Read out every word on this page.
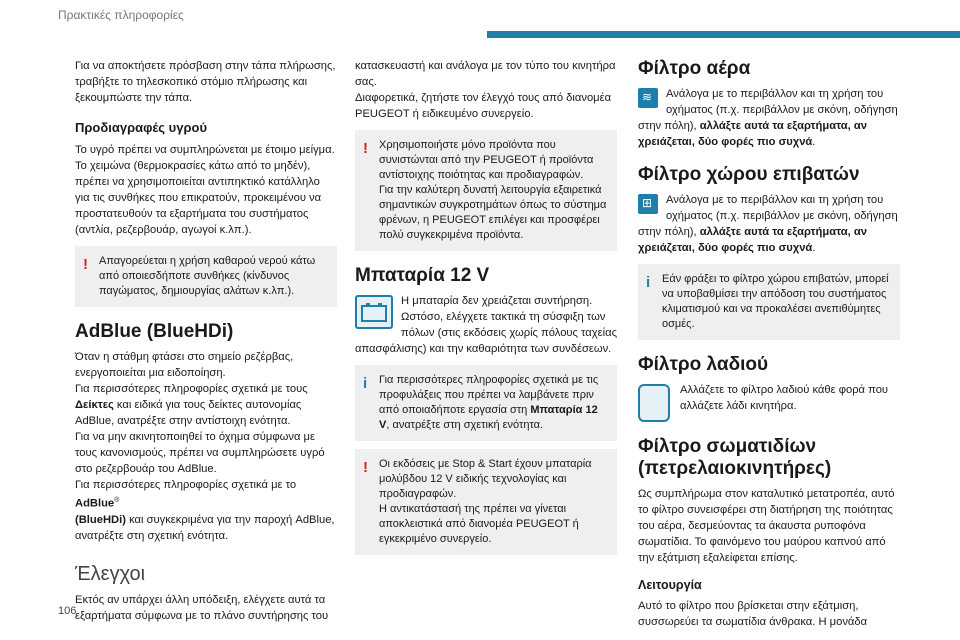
Πρακτικές πληροφορίες

Για να αποκτήσετε πρόσβαση στην τάπα πλήρωσης, τραβήξτε το τηλεσκοπικό στόμιο πλήρωσης και ξεκουμπώστε την τάπα.

Προδιαγραφές υγρού

Το υγρό πρέπει να συμπληρώνεται με έτοιμο μείγμα. Το χειμώνα (θερμοκρασίες κάτω από το μηδέν), πρέπει να χρησιμοποιείται αντιπηκτικό κατάλληλο για τις συνθήκες που επικρατούν, προκειμένου να προστατευθούν τα εξαρτήματα του συστήματος (αντλία, ρεζερβουάρ, αγωγοί κ.λπ.).

! Απαγορεύεται η χρήση καθαρού νερού κάτω από οποιεσδήποτε συνθήκες (κίνδυνος παγώματος, δημιουργίας αλάτων κ.λπ.).

AdBlue (BlueHDi)

Όταν η στάθμη φτάσει στο σημείο ρεζέρβας, ενεργοποιείται μια ειδοποίηση.

Για περισσότερες πληροφορίες σχετικά με τους Δείκτες και ειδικά για τους δείκτες αυτονομίας AdBlue, ανατρέξτε στην αντίστοιχη ενότητα.

Για να μην ακινητοποιηθεί το όχημα σύμφωνα με τους κανονισμούς, πρέπει να συμπληρώσετε υγρό στο ρεζερβουάρ του AdBlue.

Για περισσότερες πληροφορίες σχετικά με το AdBlue®
(BlueHDi) και συγκεκριμένα για την παροχή AdBlue, ανατρέξτε στη σχετική ενότητα.

Έλεγχοι

Εκτός αν υπάρχει άλλη υπόδειξη, ελέγχετε αυτά τα εξαρτήματα σύμφωνα με το πλάνο συντήρησης του

κατασκευαστή και ανάλογα με τον τύπο του κινητήρα σας.

Διαφορετικά, ζητήστε τον έλεγχό τους από διανομέα PEUGEOT ή ειδικευμένο συνεργείο.

! Χρησιμοποιήστε μόνο προϊόντα που συνιστώνται από την PEUGEOT ή προϊόντα αντίστοιχης ποιότητας και προδιαγραφών.

Για την καλύτερη δυνατή λειτουργία εξαιρετικά σημαντικών συγκροτημάτων όπως το σύστημα φρένων, η PEUGEOT επιλέγει και προσφέρει πολύ συγκεκριμένα προϊόντα.

Μπαταρία 12 V

Η μπαταρία δεν χρειάζεται συντήρηση. Ωστόσο, ελέγχετε τακτικά τη σύσφιξη των πόλων (στις εκδόσεις χωρίς πόλους ταχείας απασφάλισης) και την καθαριότητα των συνδέσεων.

i Για περισσότερες πληροφορίες σχετικά με τις προφυλάξεις που πρέπει να λαμβάνετε πριν από οποιαδήποτε εργασία στη Μπαταρία 12 V, ανατρέξτε στη σχετική ενότητα.

! Οι εκδόσεις με Stop & Start έχουν μπαταρία μολύβδου 12 V ειδικής τεχνολογίας και προδιαγραφών.

Η αντικατάστασή της πρέπει να γίνεται αποκλειστικά από διανομέα PEUGEOT ή εγκεκριμένο συνεργείο.

Φίλτρο αέρα
≋	Ανάλογα με το περιβάλλον και τη χρήση του οχήματος (π.χ. περιβάλλον με σκόνη, οδήγηση στην πόλη), αλλάξτε αυτά τα εξαρτήματα, αν χρειάζεται, δύο φορές πιο συχνά.

Φίλτρο χώρου επιβατών
⊞	Ανάλογα με το περιβάλλον και τη χρήση του οχήματος (π.χ. περιβάλλον με σκόνη, οδήγηση στην πόλη), αλλάξτε αυτά τα εξαρτήματα, αν χρειάζεται, δύο φορές πιο συχνά.

i Εάν φράξει το φίλτρο χώρου επιβατών, μπορεί να υποβαθμίσει την απόδοση του συστήματος κλιματισμού και να προκαλέσει ανεπιθύμητες οσμές.

Φίλτρο λαδιού

Αλλάζετε το φίλτρο λαδιού κάθε φορά που αλλάζετε λάδι κινητήρα.

Φίλτρο σωματιδίων
(πετρελαιοκινητήρες)

Ως συμπλήρωμα στον καταλυτικό μετατροπέα, αυτό το φίλτρο συνεισφέρει στη διατήρηση της ποιότητας του αέρα, δεσμεύοντας τα άκαυστα ρυποφόνα σωματίδια. Το φαινόμενο του μαύρου καπνού από την εξάτμιση εξαλείφεται επίσης.

Λειτουργία

Αυτό το φίλτρο που βρίσκεται στην εξάτμιση, συσσωρεύει τα σωματίδια άνθρακα. Η μονάδα

106
